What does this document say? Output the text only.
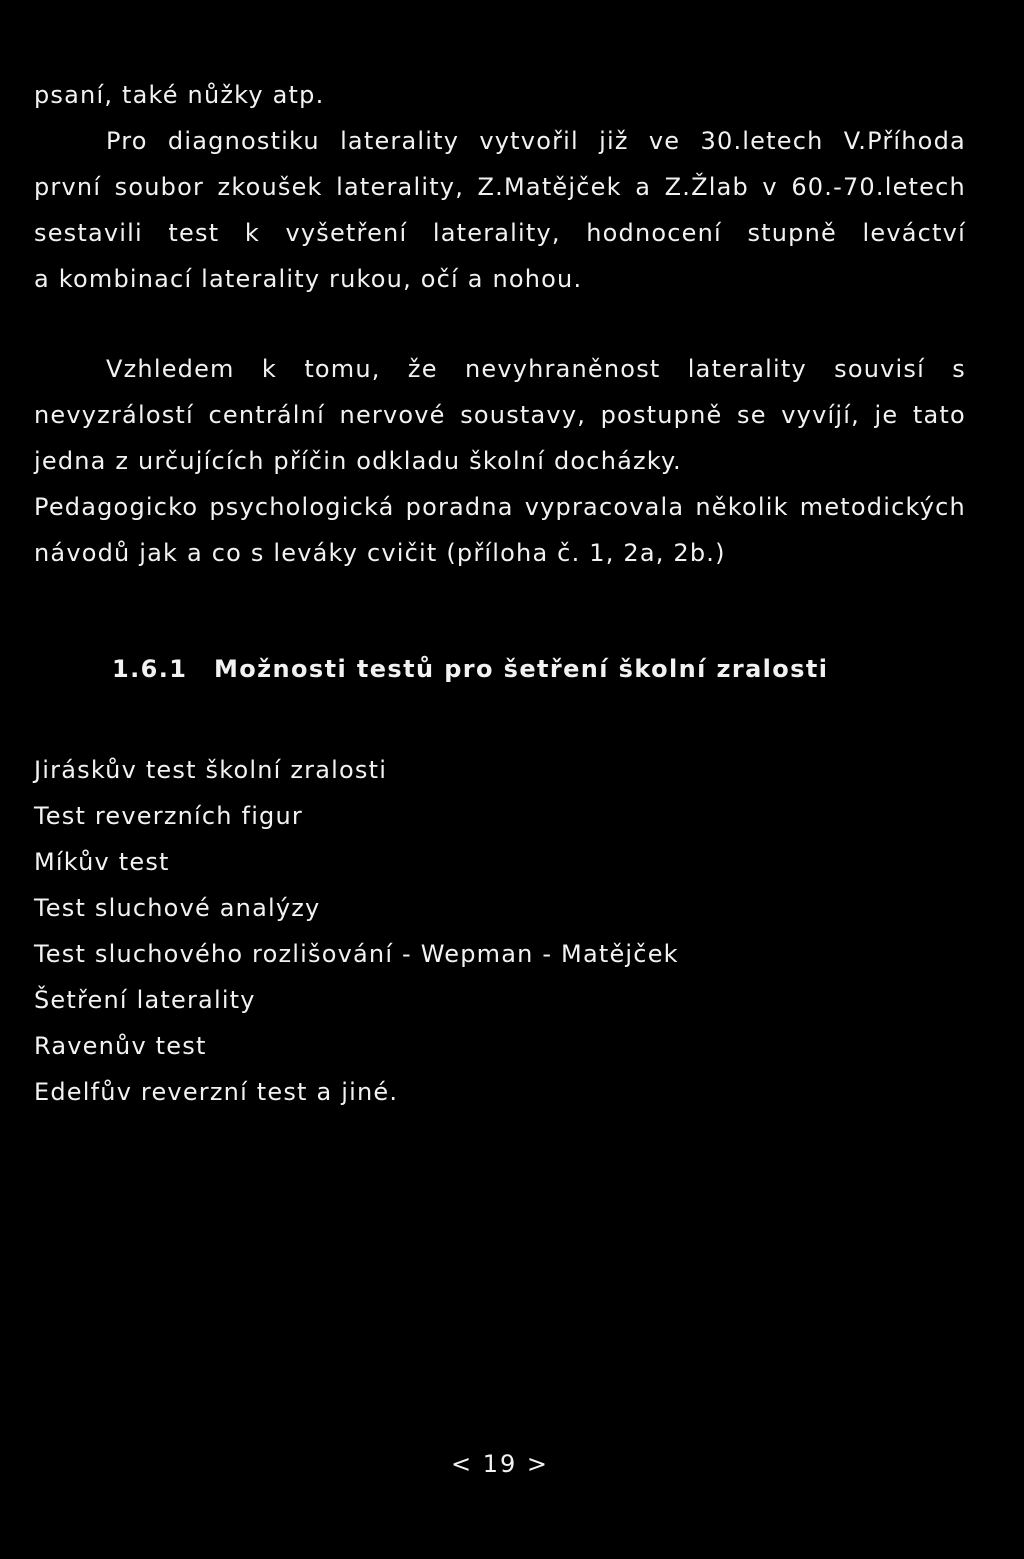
psaní, také nůžky atp.
Pro diagnostiku laterality vytvořil již ve 30.letech V.Příhoda
první soubor zkoušek laterality, Z.Matějček a Z.Žlab v 60.-70.letech
sestavili test k vyšetření laterality, hodnocení stupně leváctví
a kombinací laterality rukou, očí a nohou.
Vzhledem k tomu, že nevyhraněnost laterality souvisí s
nevyzrálostí centrální nervové soustavy, postupně se vyvíjí, je tato
jedna z určujících příčin odkladu školní docházky.
Pedagogicko psychologická poradna vypracovala několik metodických
návodů jak a co s leváky cvičit (příloha č. 1, 2a, 2b.)
1.6.1 Možnosti testů pro šetření školní zralosti
Jiráskův test školní zralosti
Test reverzních figur
Míkův test
Test sluchové analýzy
Test sluchového rozlišování - Wepman - Matějček
Šetření laterality
Ravenův test
Edelfův reverzní test a jiné.
< 19 >
